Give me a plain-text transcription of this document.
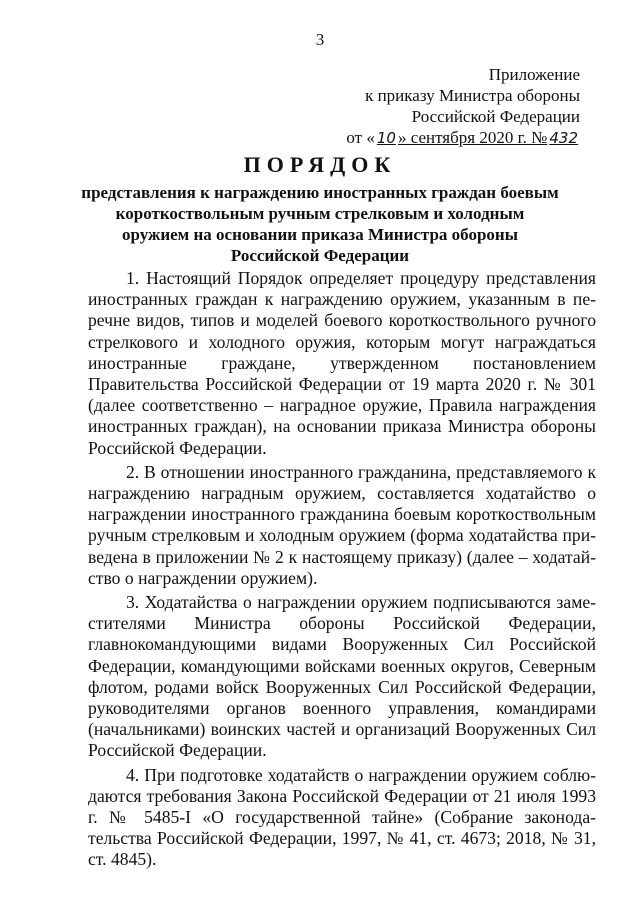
3
Приложение
к приказу Министра обороны
Российской Федерации
от « 10 » сентября 2020 г. № 432
ПОРЯДОК
представления к награждению иностранных граждан боевым короткоствольным ручным стрелковым и холодным оружием на основании приказа Министра обороны Российской Федерации

1. Настоящий Порядок определяет процедуру представления иностранных граждан к награждению оружием, указанным в перечне видов, типов и моделей боевого короткоствольного ручного стрелкового и холодного оружия, которым могут награждаться иностранные граждане, утвержденном постановлением Правительства Российской Федерации от 19 марта 2020 г. № 301 (далее соответственно – наградное оружие, Правила награждения иностранных граждан), на основании приказа Министра обороны Российской Федерации.

2. В отношении иностранного гражданина, представляемого к награждению наградным оружием, составляется ходатайство о награждении иностранного гражданина боевым короткоствольным ручным стрелковым и холодным оружием (форма ходатайства приведена в приложении № 2 к настоящему приказу) (далее – ходатайство о награждении оружием).

3. Ходатайства о награждении оружием подписываются заместителями Министра обороны Российской Федерации, главнокомандующими видами Вооруженных Сил Российской Федерации, командующими войсками военных округов, Северным флотом, родами войск Вооруженных Сил Российской Федерации, руководителями органов военного управления, командирами (начальниками) воинских частей и организаций Вооруженных Сил Российской Федерации.

4. При подготовке ходатайств о награждении оружием соблюдаются требования Закона Российской Федерации от 21 июля 1993 г. № 5485-I «О государственной тайне» (Собрание законодательства Российской Федерации, 1997, № 41, ст. 4673; 2018, № 31, ст. 4845).
